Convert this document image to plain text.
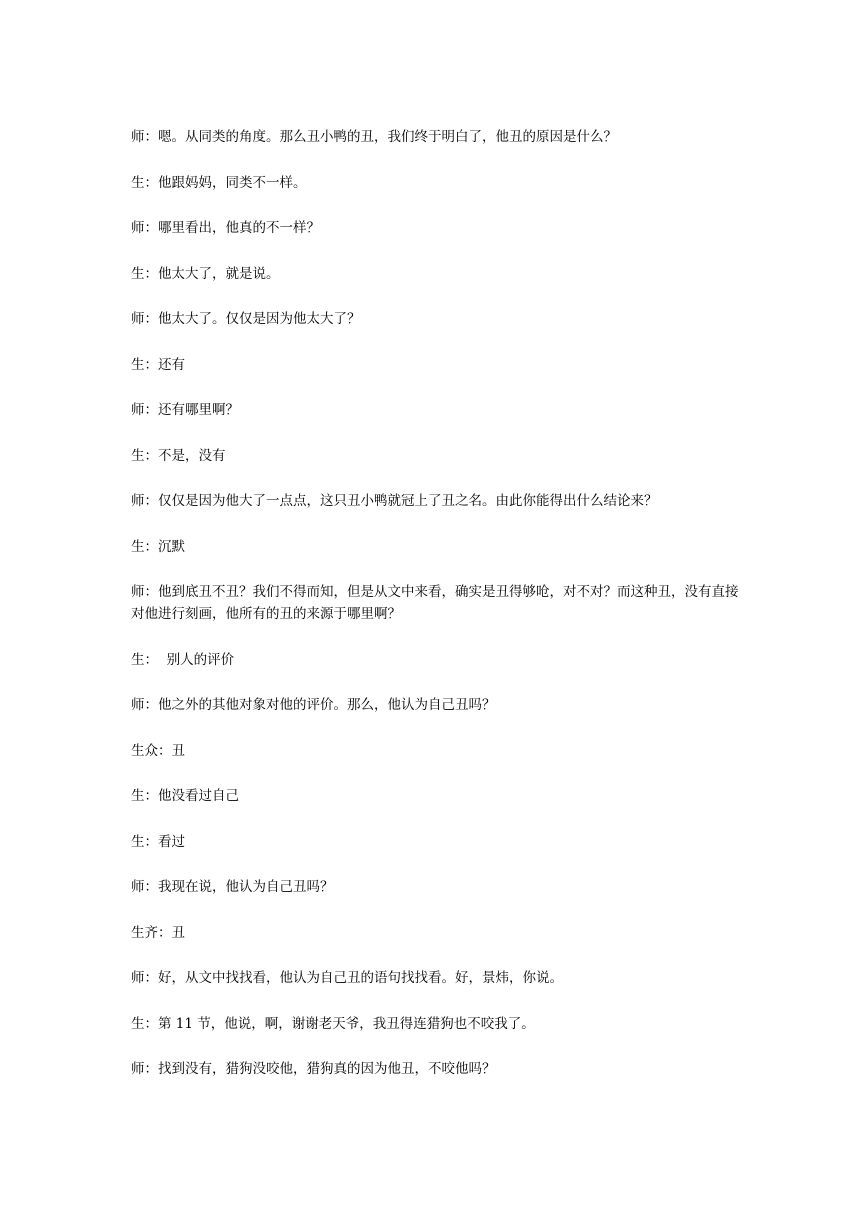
师：嗯。从同类的角度。那么丑小鸭的丑，我们终于明白了，他丑的原因是什么？

生：他跟妈妈，同类不一样。

师：哪里看出，他真的不一样？

生：他太大了，就是说。

师：他太大了。仅仅是因为他太大了？

生：还有

师：还有哪里啊？

生：不是，没有

师：仅仅是因为他大了一点点，这只丑小鸭就冠上了丑之名。由此你能得出什么结论来？

生：沉默

师：他到底丑不丑？我们不得而知，但是从文中来看，确实是丑得够呛，对不对？而这种丑，没有直接对他进行刻画，他所有的丑的来源于哪里啊？

生：  别人的评价

师：他之外的其他对象对他的评价。那么，他认为自己丑吗？

生众：丑

生：他没看过自己

生：看过

师：我现在说，他认为自己丑吗？

生齐：丑

师：好，从文中找找看，他认为自己丑的语句找找看。好，景炜，你说。

生：第 11 节，他说，啊，谢谢老天爷，我丑得连猎狗也不咬我了。

师：找到没有，猎狗没咬他，猎狗真的因为他丑，不咬他吗？
